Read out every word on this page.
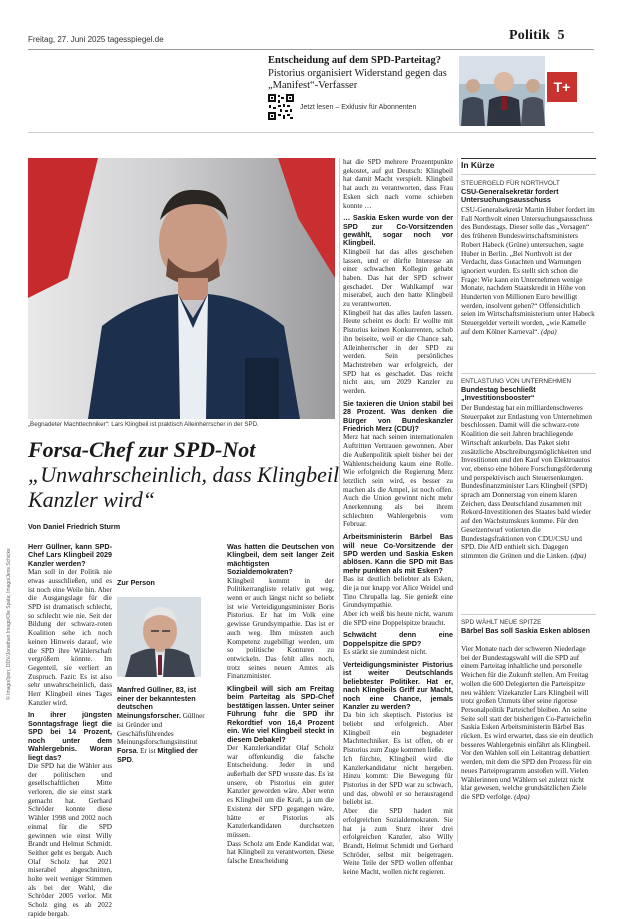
Freitag, 27. Juni 2025 tagesspiegel.de	Politik 5
Entscheidung auf dem SPD-Parteitag?
Pistorius organisiert Widerstand gegen das „Manifest“-Verfasser
Jetzt lesen – Exklusiv für Abonnenten
T+
„Begnadeter Machttechniker“: Lars Klingbeil ist praktisch Alleinherrscher in der SPD.
Forsa-Chef zur SPD-Not
„Unwahrscheinlich, dass Klingbeil Kanzler wird“
Von Daniel Friedrich Sturm

Herr Güllner, kann SPD-Chef Lars Klingbeil 2029 Kanzler werden?

Man soll in der Politik nie etwas ausschließen, und es ist noch eine Weile hin. Aber die Ausgangslage für die SPD ist dramatisch schlecht, so schlecht wie nie. Seit der Bildung der schwarz-roten Koalition sehe ich noch keinen Hinweis darauf, wie die SPD ihre Wählerschaft vergrößern könnte. Im Gegenteil, sie verliert an Zuspruch. Fazit: Es ist also sehr unwahrscheinlich, dass Herr Klingbeil eines Tages Kanzler wird.

In ihrer jüngsten Sonntagsfrage liegt die SPD bei 14 Prozent, noch unter dem Wahlergebnis. Woran liegt das?

Die SPD hat die Wähler aus der politischen und gesellschaftlichen Mitte verloren, die sie einst stark gemacht hat. Gerhard Schröder konnte diese Wähler 1998 und 2002 noch einmal für die SPD gewinnen wie einst Willy Brandt und Helmut Schmidt. Seither geht es bergab. Auch Olaf Scholz hat 2021 miserabel abgeschnitten, holte weit weniger Stimmen als bei der Wahl, die Schröder 2005 verlor. Mit Scholz ging es ab 2022 rapide bergab.

Zur Person
Manfred Güllner, 83, ist einer der bekanntesten deutschen Meinungsforscher. Güllner ist Gründer und Geschäftsführendes Meinungsforschungsinstitut Forsa. Er ist Mitglied der SPD.
© Imago/Ipon; DDV/Jonathan Imago/Ole Spata; Imago/Jens Schicke

Was hatten die Deutschen von Klingbeil, dem seit langer Zeit mächtigsten Sozialdemokraten?

Klingbeil kommt in der Politikerrangliste relativ gut weg, wenn er auch längst nicht so beliebt ist wie Verteidigungsminister Boris Pistorius. Er hat im Volk eine gewisse Grundsympathie. Das ist er auch weg. Ihm müssten auch Kompetenz zugebilligt werden, um so politische Konturen zu entwickeln. Das fehlt alles noch, trotz seines neuen Amtes als Finanzminister.

Klingbeil will sich am Freitag beim Parteitag als SPD-Chef bestätigen lassen. Unter seiner Führung fuhr die SPD ihr Rekordtief von 16,4 Prozent ein. Wie viel Klingbeil steckt in diesem Debakel?

Der Kanzlerkandidat Olaf Scholz war offenkundig die falsche Entscheidung. Jeder in und außerhalb der SPD wusste das. Es ist unsere, ob Pistorius ein guter Kanzler geworden wäre. Aber wenn es Klingbeil um die Kraft, ja um die Existenz der SPD gegangen wäre, hätte er Pistorius als Kanzlerkandidaten durchsetzen müssen.

Dass Scholz am Ende Kandidat war, hat Klingbeil zu verantworten. Diese falsche Entscheidung

hat die SPD mehrere Prozentpunkte gekostet, auf gut Deutsch: Klingbeil hat damit Macht verspielt. Klingbeil hat auch zu verantworten, dass Frau Esken sich nach vorne schieben konnte …

… Saskia Esken wurde von der SPD zur Co-Vorsitzenden gewählt, sogar noch vor Klingbeil.

Klingbeil hat das alles geschehen lassen, und er dürfte Interesse an einer schwachen Kollegin gehabt haben. Das hat der SPD schwer geschadet. Der Wahlkampf war miserabel, auch den hatte Klingbeil zu verantworten.

Klingbeil hat das alles laufen lassen. Heute scheint es doch: Er wollte mit Pistorius keinen Konkurrenten, schob ihn beiseite, weil er die Chance sah, Alleinherrscher in der SPD zu werden. Sein persönliches Machtstreben war erfolgreich, der SPD hat es geschadet. Das reicht nicht aus, um 2029 Kanzler zu werden.

Sie taxieren die Union stabil bei 28 Prozent. Was denken die Bürger von Bundeskanzler Friedrich Merz (CDU)?

Merz hat nach seinen internationalen Auftritten Vertrauen gewonnen. Aber die Außenpolitik spielt bisher bei der Wahlentscheidung kaum eine Rolle. Wie erfolgreich die Regierung Merz letztlich sein wird, es besser zu machen als die Ampel, ist noch offen. Auch die Union gewinnt nicht mehr Anerkennung als bei ihrem schlechten Wahlergebnis vom Februar.

Arbeitsministerin Bärbel Bas will neue Co-Vorsitzende der SPD werden und Saskia Esken ablösen. Kann die SPD mit Bas mehr punkten als mit Esken?

Bas ist deutlich beliebter als Esken, die ja nur knapp vor Alice Weidel und Tino Chrupalla lag. Sie genießt eine Grundsympathie.

Aber ich weiß bis heute nicht, warum die SPD eine Doppelspitze braucht.

Schwächt denn eine Doppelspitze die SPD?

Es stärkt sie zumindest nicht.

Verteidigungsminister Pistorius ist weiter Deutschlands beliebtester Politiker. Hat er, nach Klingbeils Griff zur Macht, noch eine Chance, jemals Kanzler zu werden?

Da bin ich skeptisch. Pistorius ist beliebt und erfolgreich. Aber Klingbeil ein begnadeter Machttechniker. Es ist offen, ob er Pistorius zum Zuge kommen ließe.

Ich fürchte, Klingbeil wird die Kanzlerkandidatur nicht hergeben. Hinzu kommt: Die Bewegung für Pistorius in der SPD war zu schwach, und das, obwohl er so herausragend beliebt ist.

Aber die SPD hadert mit erfolgreichen Sozialdemokraten. Sie hat ja zum Sturz ihrer drei erfolgreichen Kanzler, also Willy Brandt, Helmut Schmidt und Gerhard Schröder, selbst mit beigetragen. Weite Teile der SPD wollen offenbar keine Macht, wollen nicht regieren.

In Kürze
STEUERGELD FÜR NORTHVOLT
CSU-Generalsekretär fordert Untersuchungsausschuss
CSU-Generalsekretär Martin Huber fordert im Fall Northvolt einen Untersuchungsausschuss des Bundestags. Dieser solle das „Versagen“ des früheren Bundeswirtschaftsministers Robert Habeck (Grüne) untersuchen, sagte Huber in Berlin. „Bei Northvolt ist der Verdacht, dass Gutachten und Warnungen ignoriert wurden. Es stellt sich schon die Frage: Wie kann ein Unternehmen wenige Monate, nachdem Staatskredit in Höhe von Hunderten von Millionen Euro bewilligt werden, insolvent gehen?“ Offensichtlich seien im Wirtschaftsministerium unter Habeck Steuergelder verteilt worden, „wie Kamelle auf dem Kölner Karneval“. (dpa)
ENTLASTUNG VON UNTERNEHMEN
Bundestag beschließt „Investitionsbooster“
Der Bundestag hat ein milliardenschweres Steuerpaket zur Entlastung von Unternehmen beschlossen. Damit will die schwarz-rote Koalition die seit Jahren brachliegende Wirtschaft ankurbeln. Das Paket sieht zusätzliche Abschreibungsmöglichkeiten und Investitionen und den Kauf von Elektroautos vor, ebenso eine höhere Forschungsförderung und perspektivisch auch Steuersenkungen. Bundesfinanzminister Lars Klingbeil (SPD) sprach am Donnerstag von einem klaren Zeichen, dass Deutschland zusammen mit Rekord-Investitionen des Staates bald wieder auf den Wachstumskurs komme. Für den Gesetzentwurf votierten die Bundestagsfraktionen von CDU/CSU und SPD. Die AfD enthielt sich. Dagegen stimmten die Grünen und die Linken. (dpa)
SPD WÄHLT NEUE SPITZE
Bärbel Bas soll Saskia Esken ablösen
Vier Monate nach der schweren Niederlage bei der Bundestagswahl will die SPD auf einem Parteitag inhaltliche und personelle Weichen für die Zukunft stellen. Am Freitag wollen die 600 Delegierten die Parteispitze neu wählen: Vizekanzler Lars Klingbeil will trotz großen Unmuts über seine rigorose Personalpolitik Parteichef bleiben. An seine Seite soll statt der bisherigen Co-Parteichefin Saskia Esken Arbeitsministerin Bärbel Bas rücken. Es wird erwartet, dass sie ein deutlich besseres Wahlergebnis einfährt als Klingbeil. Vor den Wahlen soll ein Leitantrag debattiert werden, mit dem die SPD den Prozess für ein neues Parteiprogramm anstoßen will. Vielen Wählerinnen und Wählern sei zuletzt nicht klar gewesen, welche grundsätzlichen Ziele die SPD verfolge. (dpa)
